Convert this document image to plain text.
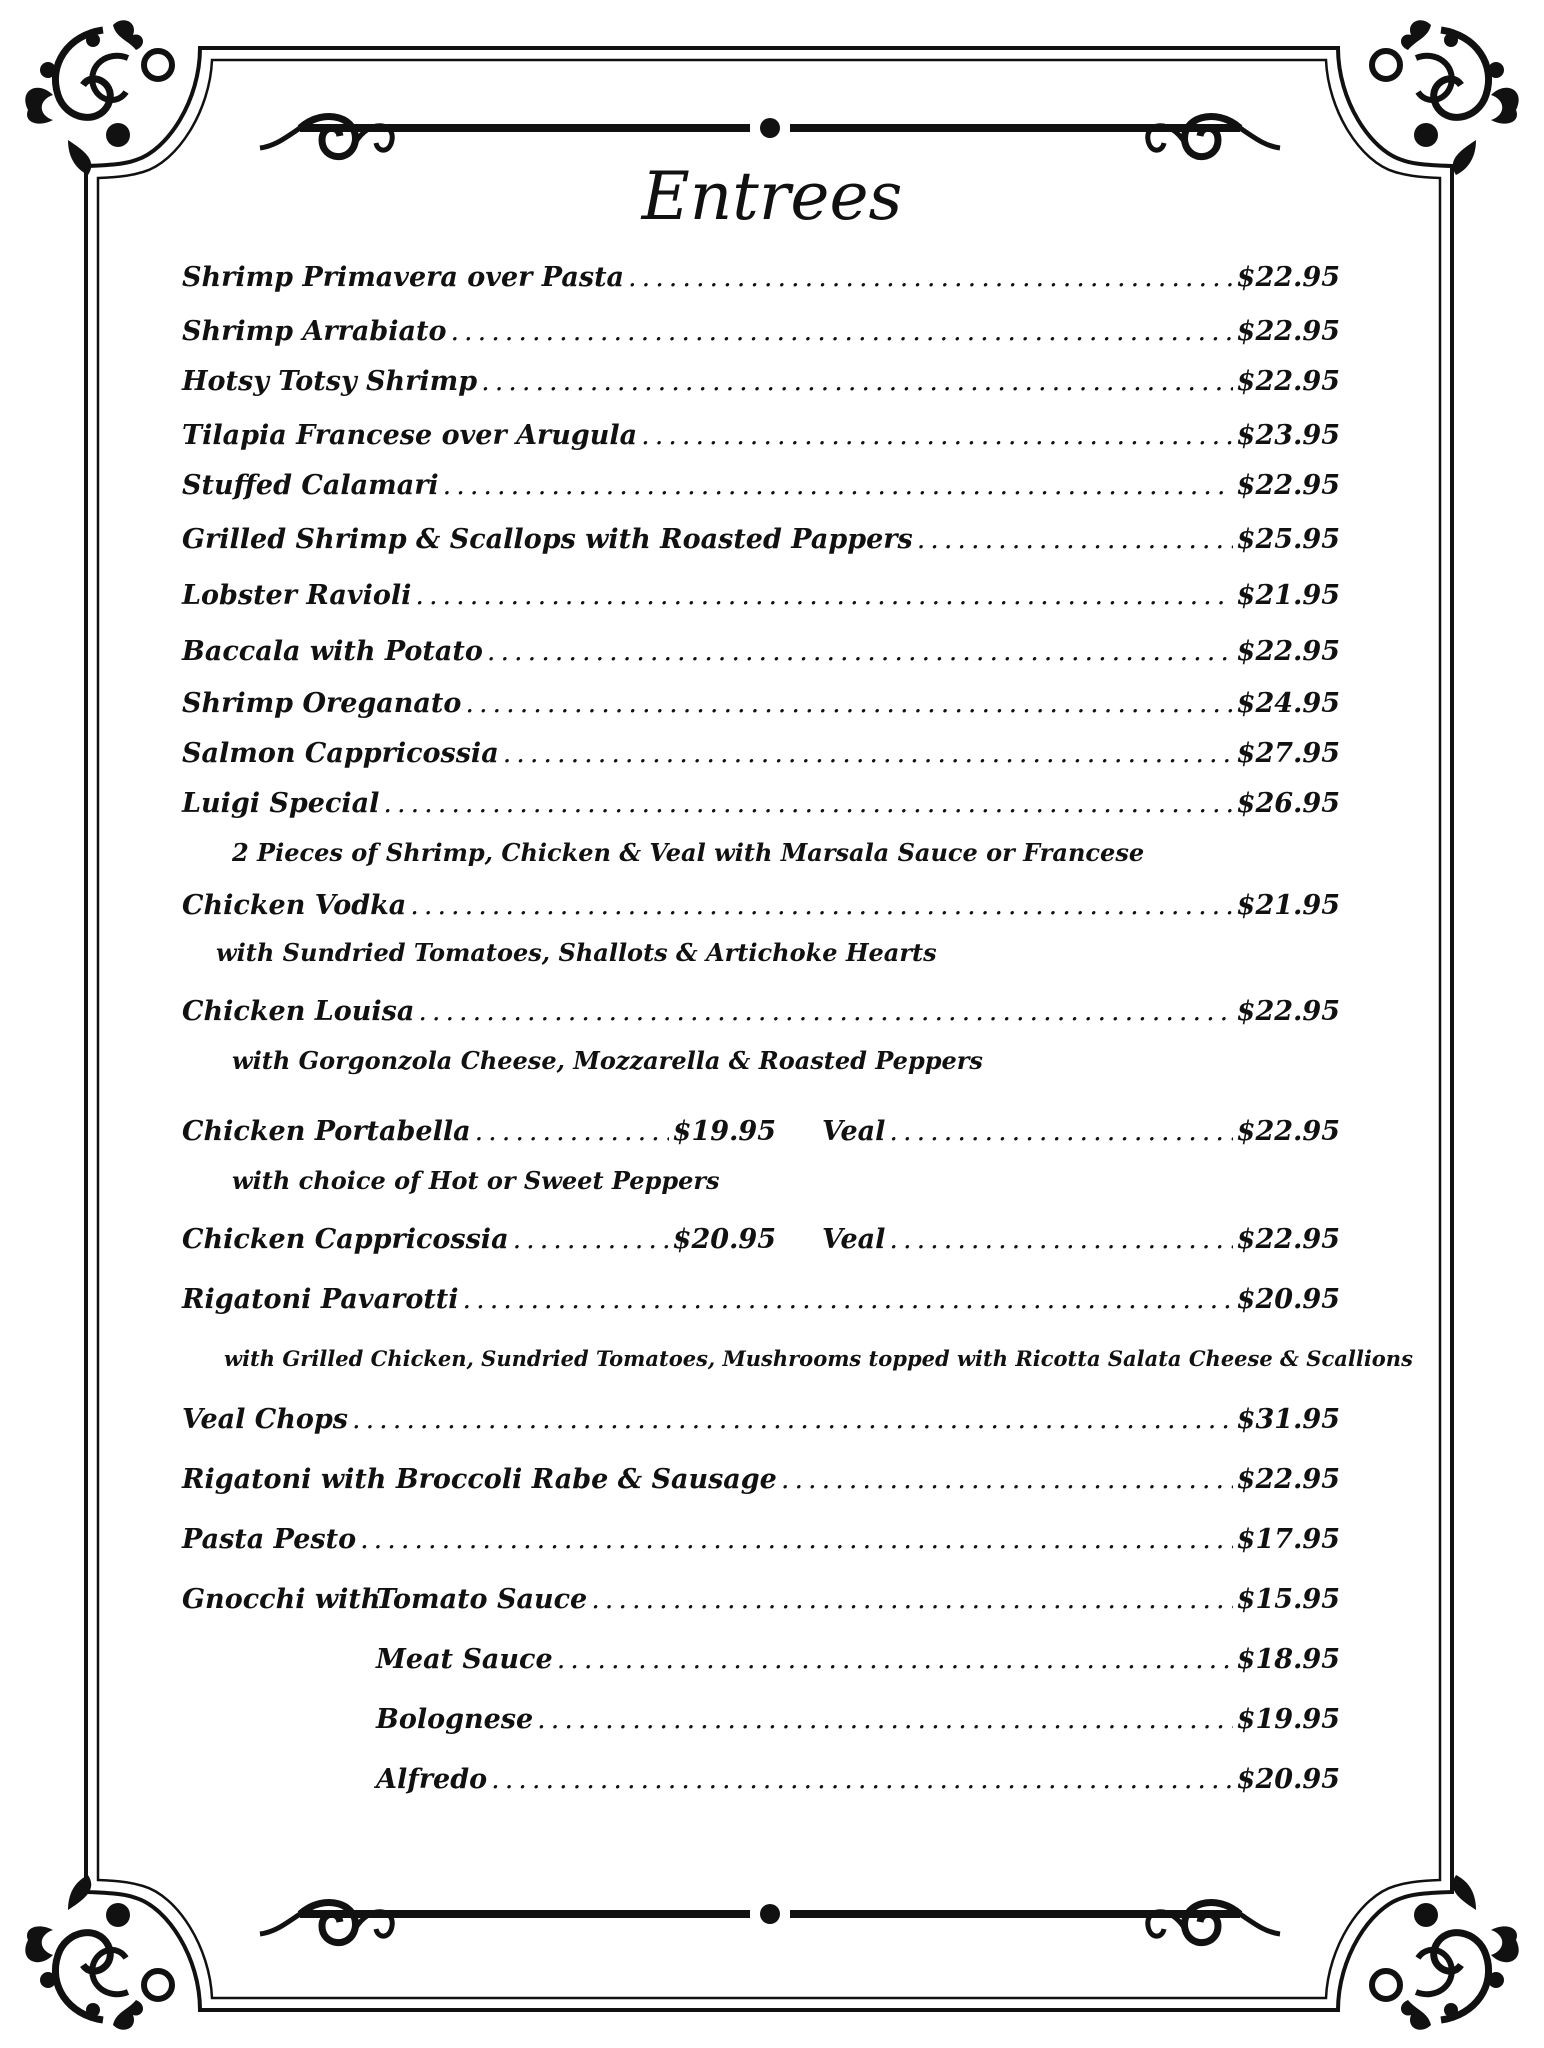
Entrees
Shrimp Primavera over Pasta .....	$22.95
Shrimp Arrabiato .....	$22.95
Hotsy Totsy Shrimp .....	$22.95
Tilapia Francese over Arugula .....	$23.95
Stuffed Calamari .....	$22.95
Grilled Shrimp & Scallops with Roasted Pappers .....	$25.95
Lobster Ravioli .....	$21.95
Baccala with Potato .....	$22.95
Shrimp Oreganato .....	$24.95
Salmon Cappricossia .....	$27.95
Luigi Special .....	$26.95
2 Pieces of Shrimp, Chicken & Veal with Marsala Sauce or Francese
Chicken Vodka .....	$21.95
with Sundried Tomatoes, Shallots & Artichoke Hearts
Chicken Louisa .....	$22.95
with Gorgonzola Cheese, Mozzarella & Roasted Peppers
Chicken Portabella .....	$19.95 Veal .....	$22.95
with choice of Hot or Sweet Peppers
Chicken Cappricossia .....	$20.95 Veal .....	$22.95
Rigatoni Pavarotti .....	$20.95
with Grilled Chicken, Sundried Tomatoes, Mushrooms topped with Ricotta Salata Cheese & Scallions
Veal Chops .....	$31.95
Rigatoni with Broccoli Rabe & Sausage .....	$22.95
Pasta Pesto .....	$17.95
Gnocchi with
Tomato Sauce .....	$15.95
Meat Sauce .....	$18.95
Bolognese .....	$19.95
Alfredo .....	$20.95
